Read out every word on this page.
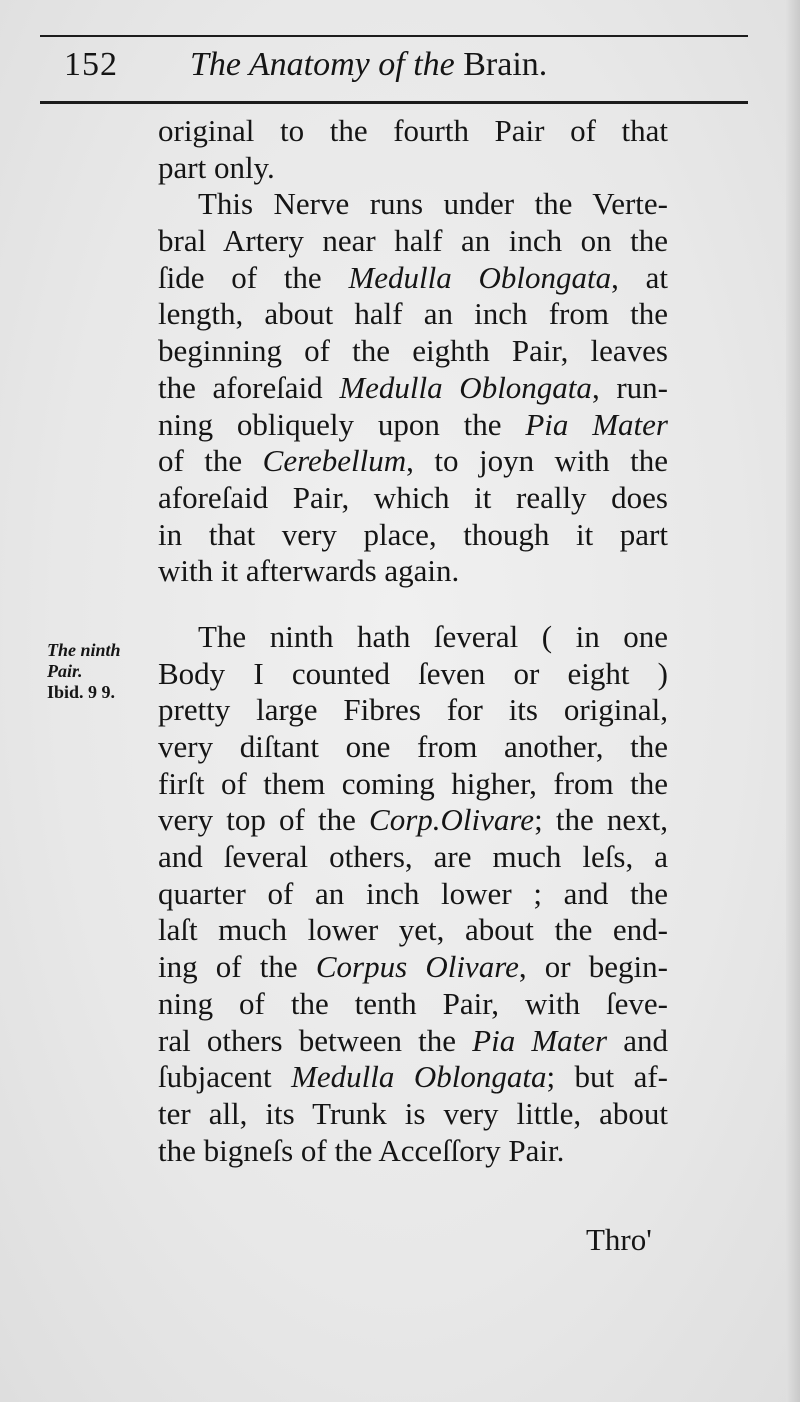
152 The Anatomy of the Brain.
The ninth
Pair.
Ibid. 9 9.
original to the fourth Pair of that
part only.
This Nerve runs under the Verte-
bral Artery near half an inch on the
ſide of the Medulla Oblongata, at
length, about half an inch from the
beginning of the eighth Pair, leaves
the aforeſaid Medulla Oblongata, run-
ning obliquely upon the Pia Mater
of the Cerebellum, to joyn with the
aforeſaid Pair, which it really does
in that very place, though it part
with it afterwards again.
The ninth hath ſeveral ( in one
Body I counted ſeven or eight )
pretty large Fibres for its original,
very diſtant one from another, the
firſt of them coming higher, from the
very top of the Corp.Olivare; the next,
and ſeveral others, are much leſs, a
quarter of an inch lower ; and the
laſt much lower yet, about the end-
ing of the Corpus Olivare, or begin-
ning of the tenth Pair, with ſeve-
ral others between the Pia Mater and
ſubjacent Medulla Oblongata; but af-
ter all, its Trunk is very little, about
the bigneſs of the Acceſſory Pair.
Thro'
